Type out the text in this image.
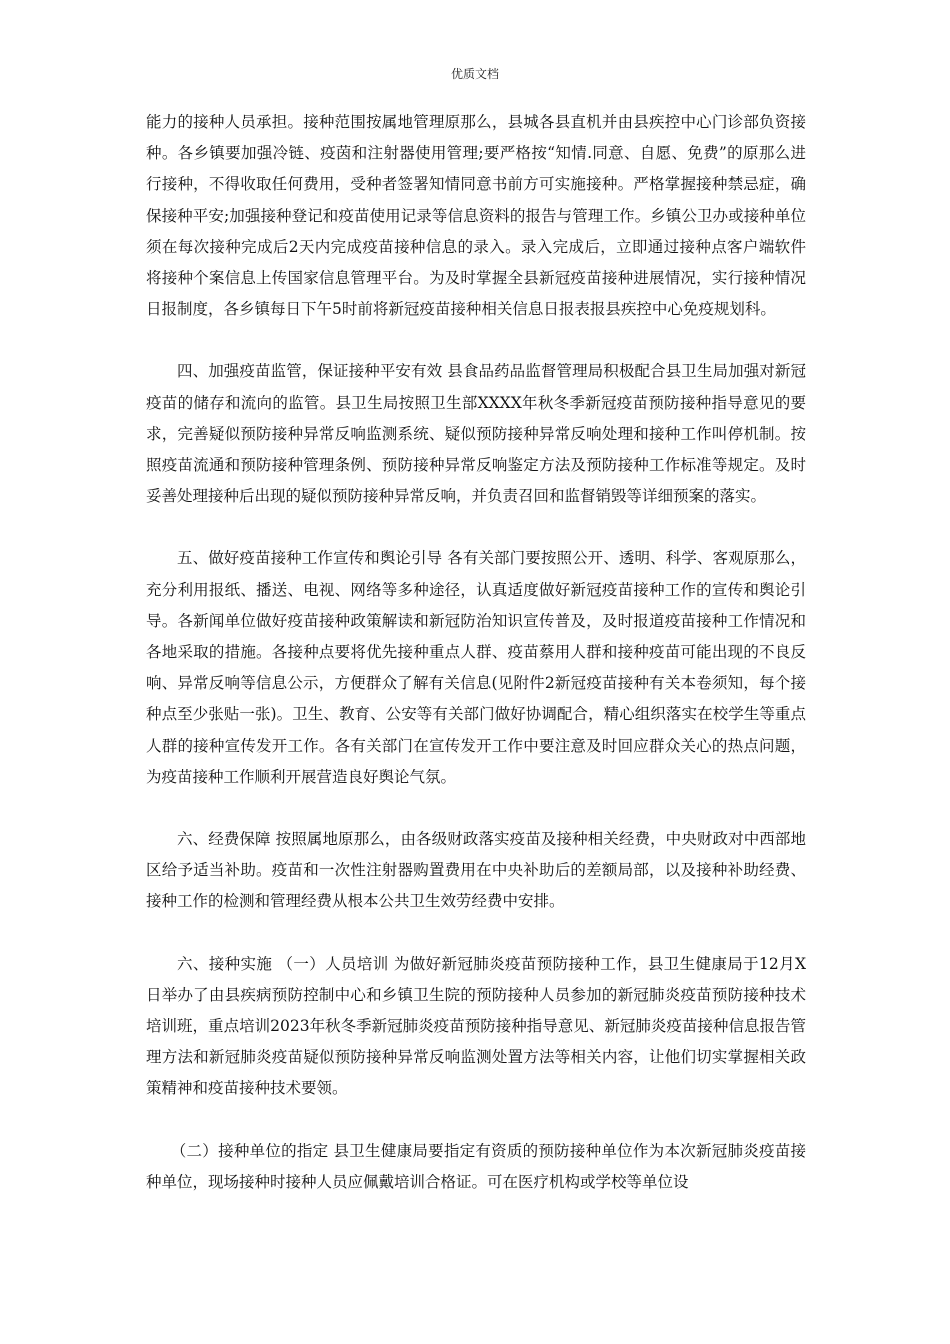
优质文档

能力的接种人员承担。接种范围按属地管理原那么，县城各县直机并由县疾控中心门诊部负资接种。各乡镇要加强冷链、疫茵和注射器使用管理;要严格按“知情.同意、自愿、免费”的原那么进行接种，不得收取任何费用，受种者签署知情同意书前方可实施接种。严格掌握接种禁忌症，确保接种平安;加强接种登记和疫苗使用记录等信息资料的报告与管理工作。乡镇公卫办或接种单位须在每次接种完成后2天内完成疫苗接种信息的录入。录入完成后，立即通过接种点客户端软件将接种个案信息上传国家信息管理平台。为及时掌握全县新冠疫苗接种进展情况，实行接种情况日报制度，各乡镇每日下午5时前将新冠疫苗接种相关信息日报表报县疾控中心免疫规划科。

四、加强疫苗监管，保证接种平安有效 县食品药品监督管理局积极配合县卫生局加强对新冠疫苗的储存和流向的监管。县卫生局按照卫生部XXXX年秋冬季新冠疫苗预防接种指导意见的要求，完善疑似预防接种异常反响监测系统、疑似预防接种异常反响处理和接种工作叫停机制。按照疫苗流通和预防接种管理条例、预防接种异常反响鉴定方法及预防接种工作标准等规定。及时妥善处理接种后出现的疑似预防接种异常反响，并负责召回和监督销毁等详细预案的落实。

五、做好疫苗接种工作宣传和舆论引导 各有关部门要按照公开、透明、科学、客观原那么，充分利用报纸、播送、电视、网络等多种途径，认真适度做好新冠疫苗接种工作的宣传和舆论引导。各新闻单位做好疫苗接种政策解读和新冠防治知识宣传普及，及时报道疫苗接种工作情况和各地采取的措施。各接种点要将优先接种重点人群、疫苗蔡用人群和接种疫苗可能出现的不良反响、异常反响等信息公示，方便群众了解有关信息(见附件2新冠疫苗接种有关本卷须知，每个接种点至少张贴一张)。卫生、教育、公安等有关部门做好协调配合，精心组织落实在校学生等重点人群的接种宣传发开工作。各有关部门在宣传发开工作中要注意及时回应群众关心的热点问题，为疫苗接种工作顺利开展营造良好舆论气氛。

六、经费保障 按照属地原那么，由各级财政落实疫苗及接种相关经费，中央财政对中西部地区给予适当补助。疫苗和一次性注射器购置费用在中央补助后的差额局部，以及接种补助经费、接种工作的检测和管理经费从根本公共卫生效劳经费中安排。

六、接种实施 （一）人员培训 为做好新冠肺炎疫苗预防接种工作，县卫生健康局于12月X日举办了由县疾病预防控制中心和乡镇卫生院的预防接种人员参加的新冠肺炎疫苗预防接种技术培训班，重点培训2023年秋冬季新冠肺炎疫苗预防接种指导意见、新冠肺炎疫苗接种信息报告管理方法和新冠肺炎疫苗疑似预防接种异常反响监测处置方法等相关内容，让他们切实掌握相关政策精神和疫苗接种技术要领。

（二）接种单位的指定 县卫生健康局要指定有资质的预防接种单位作为本次新冠肺炎疫苗接种单位，现场接种时接种人员应佩戴培训合格证。可在医疗机构或学校等单位设
